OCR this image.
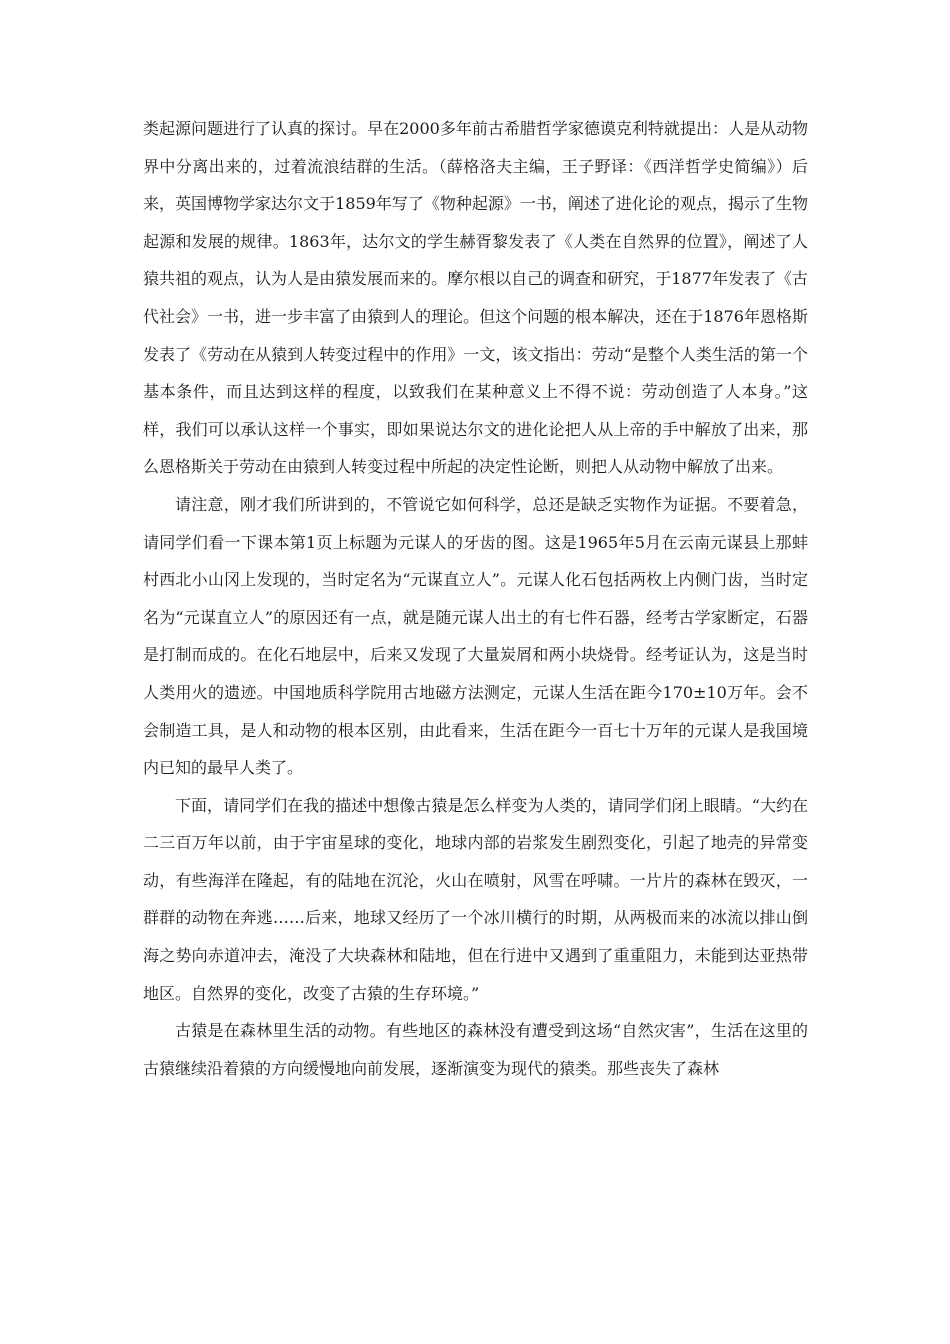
类起源问题进行了认真的探讨。早在2000多年前古希腊哲学家德谟克利特就提出：人是从动物界中分离出来的，过着流浪结群的生活。（薛格洛夫主编，王子野译：《西洋哲学史简编》）后来，英国博物学家达尔文于1859年写了《物种起源》一书，阐述了进化论的观点，揭示了生物起源和发展的规律。1863年，达尔文的学生赫胥黎发表了《人类在自然界的位置》，阐述了人猿共祖的观点，认为人是由猿发展而来的。摩尔根以自己的调查和研究，于1877年发表了《古代社会》一书，进一步丰富了由猿到人的理论。但这个问题的根本解决，还在于1876年恩格斯发表了《劳动在从猿到人转变过程中的作用》一文，该文指出：劳动“是整个人类生活的第一个基本条件，而且达到这样的程度，以致我们在某种意义上不得不说：劳动创造了人本身。”这样，我们可以承认这样一个事实，即如果说达尔文的进化论把人从上帝的手中解放了出来，那么恩格斯关于劳动在由猿到人转变过程中所起的决定性论断，则把人从动物中解放了出来。

请注意，刚才我们所讲到的，不管说它如何科学，总还是缺乏实物作为证据。不要着急，请同学们看一下课本第1页上标题为元谋人的牙齿的图。这是1965年5月在云南元谋县上那蚌村西北小山冈上发现的，当时定名为“元谋直立人”。元谋人化石包括两枚上内侧门齿，当时定名为“元谋直立人”的原因还有一点，就是随元谋人出土的有七件石器，经考古学家断定，石器是打制而成的。在化石地层中，后来又发现了大量炭屑和两小块烧骨。经考证认为，这是当时人类用火的遗迹。中国地质科学院用古地磁方法测定，元谋人生活在距今170±10万年。会不会制造工具，是人和动物的根本区别，由此看来，生活在距今一百七十万年的元谋人是我国境内已知的最早人类了。

下面，请同学们在我的描述中想像古猿是怎么样变为人类的，请同学们闭上眼睛。“大约在二三百万年以前，由于宇宙星球的变化，地球内部的岩浆发生剧烈变化，引起了地壳的异常变动，有些海洋在隆起，有的陆地在沉沦，火山在喷射，风雪在呼啸。一片片的森林在毁灭，一群群的动物在奔逃……后来，地球又经历了一个冰川横行的时期，从两极而来的冰流以排山倒海之势向赤道冲去，淹没了大块森林和陆地，但在行进中又遇到了重重阻力，未能到达亚热带地区。自然界的变化，改变了古猿的生存环境。”

古猿是在森林里生活的动物。有些地区的森林没有遭受到这场“自然灾害”，生活在这里的古猿继续沿着猿的方向缓慢地向前发展，逐渐演变为现代的猿类。那些丧失了森林
